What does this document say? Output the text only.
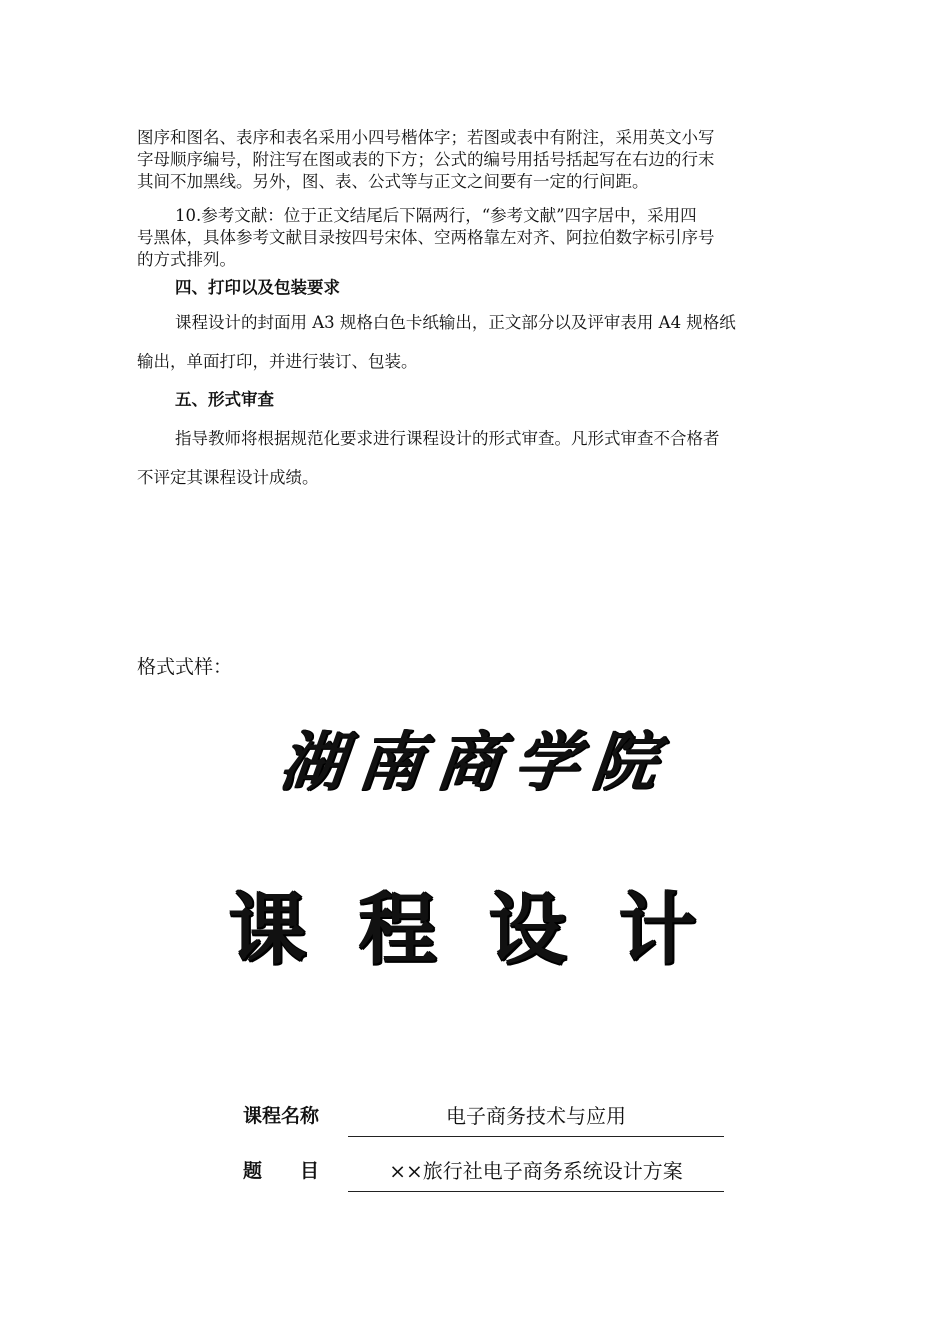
图序和图名、表序和表名采用小四号楷体字；若图或表中有附注，采用英文小写
字母顺序编号，附注写在图或表的下方；公式的编号用括号括起写在右边的行末
其间不加黑线。另外，图、表、公式等与正文之间要有一定的行间距。
10.参考文献：位于正文结尾后下隔两行，“参考文献”四字居中，采用四
号黑体，具体参考文献目录按四号宋体、空两格靠左对齐、阿拉伯数字标引序号
的方式排列。
四、打印以及包装要求
课程设计的封面用 A3 规格白色卡纸输出，正文部分以及评审表用 A4 规格纸
输出，单面打印，并进行装订、包装。
五、形式审查
指导教师将根据规范化要求进行课程设计的形式审查。凡形式审查不合格者
不评定其课程设计成绩。
格式式样：
湖南商学院
课程设计
课程名称	电子商务技术与应用
题　　目	××旅行社电子商务系统设计方案
